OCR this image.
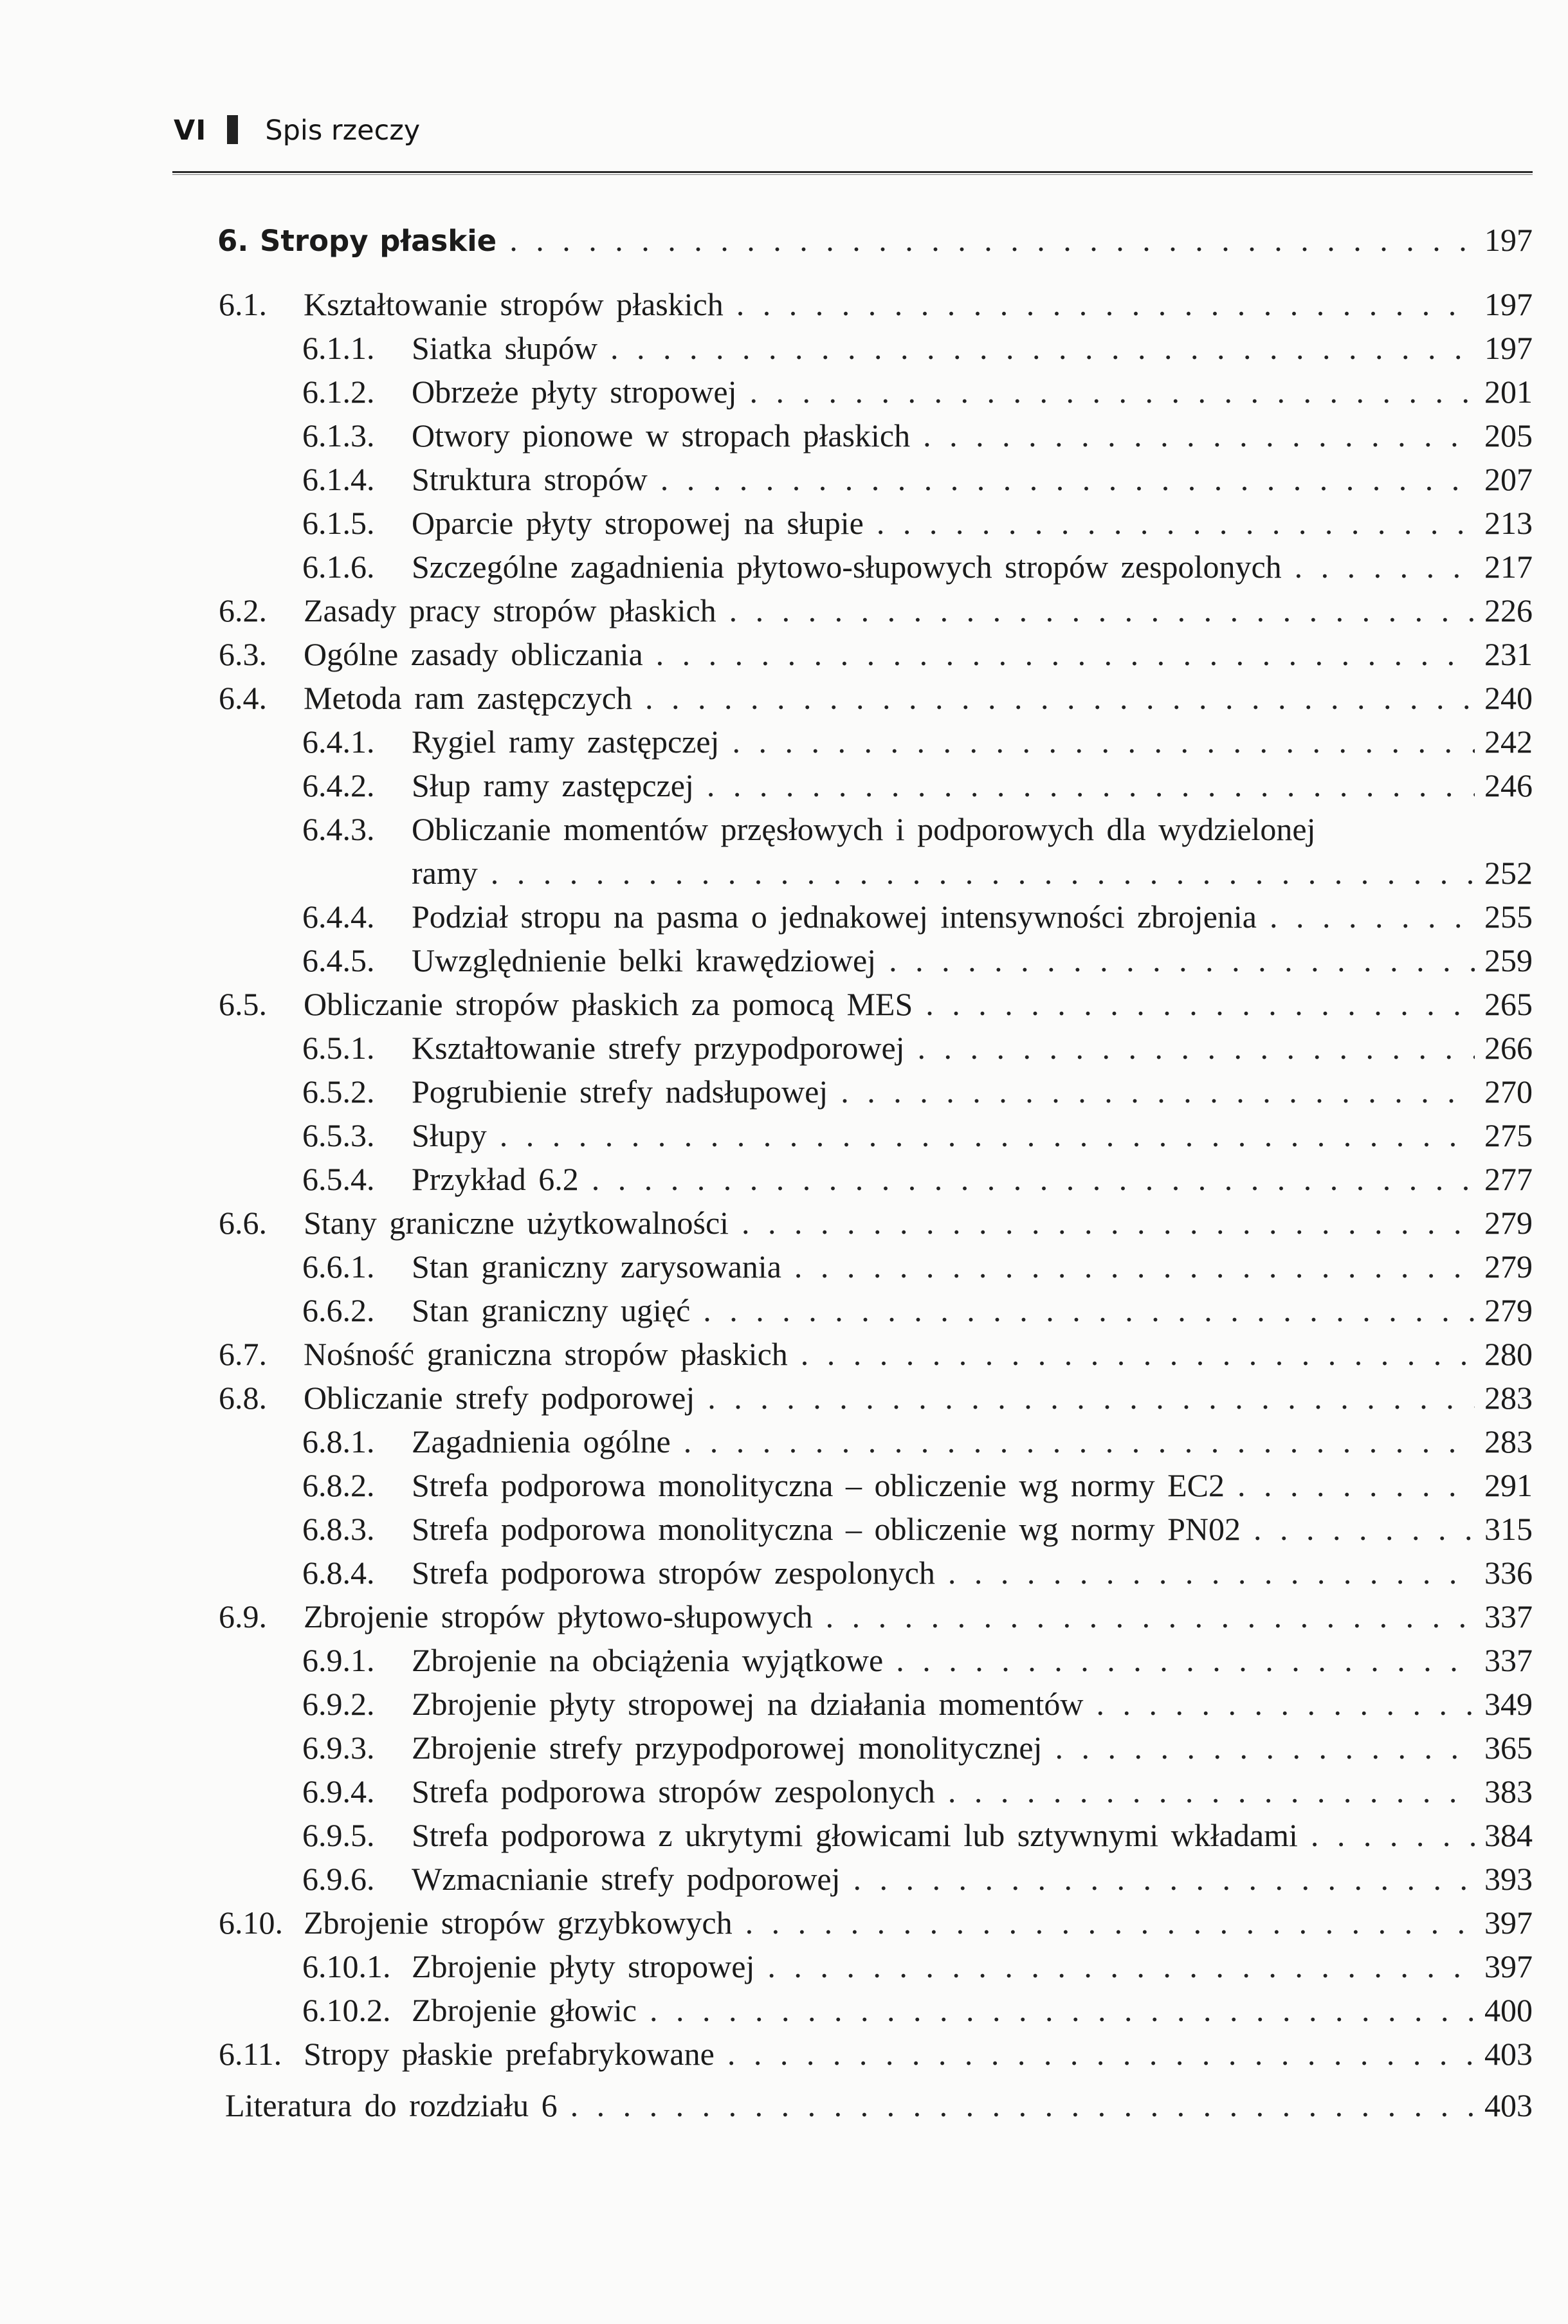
VI Spis rzeczy
6. Stropy płaskie . . .	197
6.1.	Kształtowanie stropów płaskich . . .	197
6.1.1.	Siatka słupów . . .	197
6.1.2.	Obrzeże płyty stropowej . . .	201
6.1.3.	Otwory pionowe w stropach płaskich . . .	205
6.1.4.	Struktura stropów . . .	207
6.1.5.	Oparcie płyty stropowej na słupie . . .	213
6.1.6.	Szczególne zagadnienia płytowo-słupowych stropów zespolonych . . .	217
6.2.	Zasady pracy stropów płaskich . . .	226
6.3.	Ogólne zasady obliczania . . .	231
6.4.	Metoda ram zastępczych . . .	240
6.4.1.	Rygiel ramy zastępczej . . .	242
6.4.2.	Słup ramy zastępczej . . .	246
6.4.3.	Obliczanie momentów przęsłowych i podporowych dla wydzielonej
ramy . . .	252
6.4.4.	Podział stropu na pasma o jednakowej intensywności zbrojenia . . .	255
6.4.5.	Uwzględnienie belki krawędziowej . . .	259
6.5.	Obliczanie stropów płaskich za pomocą MES . . .	265
6.5.1.	Kształtowanie strefy przypodporowej . . .	266
6.5.2.	Pogrubienie strefy nadsłupowej . . .	270
6.5.3.	Słupy . . .	275
6.5.4.	Przykład 6.2 . . .	277
6.6.	Stany graniczne użytkowalności . . .	279
6.6.1.	Stan graniczny zarysowania . . .	279
6.6.2.	Stan graniczny ugięć . . .	279
6.7.	Nośność graniczna stropów płaskich . . .	280
6.8.	Obliczanie strefy podporowej . . .	283
6.8.1.	Zagadnienia ogólne . . .	283
6.8.2.	Strefa podporowa monolityczna – obliczenie wg normy EC2 . . .	291
6.8.3.	Strefa podporowa monolityczna – obliczenie wg normy PN02 . . .	315
6.8.4.	Strefa podporowa stropów zespolonych . . .	336
6.9.	Zbrojenie stropów płytowo-słupowych . . .	337
6.9.1.	Zbrojenie na obciążenia wyjątkowe . . .	337
6.9.2.	Zbrojenie płyty stropowej na działania momentów . . .	349
6.9.3.	Zbrojenie strefy przypodporowej monolitycznej . . .	365
6.9.4.	Strefa podporowa stropów zespolonych . . .	383
6.9.5.	Strefa podporowa z ukrytymi głowicami lub sztywnymi wkładami . . .	384
6.9.6.	Wzmacnianie strefy podporowej . . .	393
6.10. Zbrojenie stropów grzybkowych . . .	397
6.10.1. Zbrojenie płyty stropowej . . .	397
6.10.2. Zbrojenie głowic . . .	400
6.11. Stropy płaskie prefabrykowane . . .	403
Literatura do rozdziału 6 . . .	403
